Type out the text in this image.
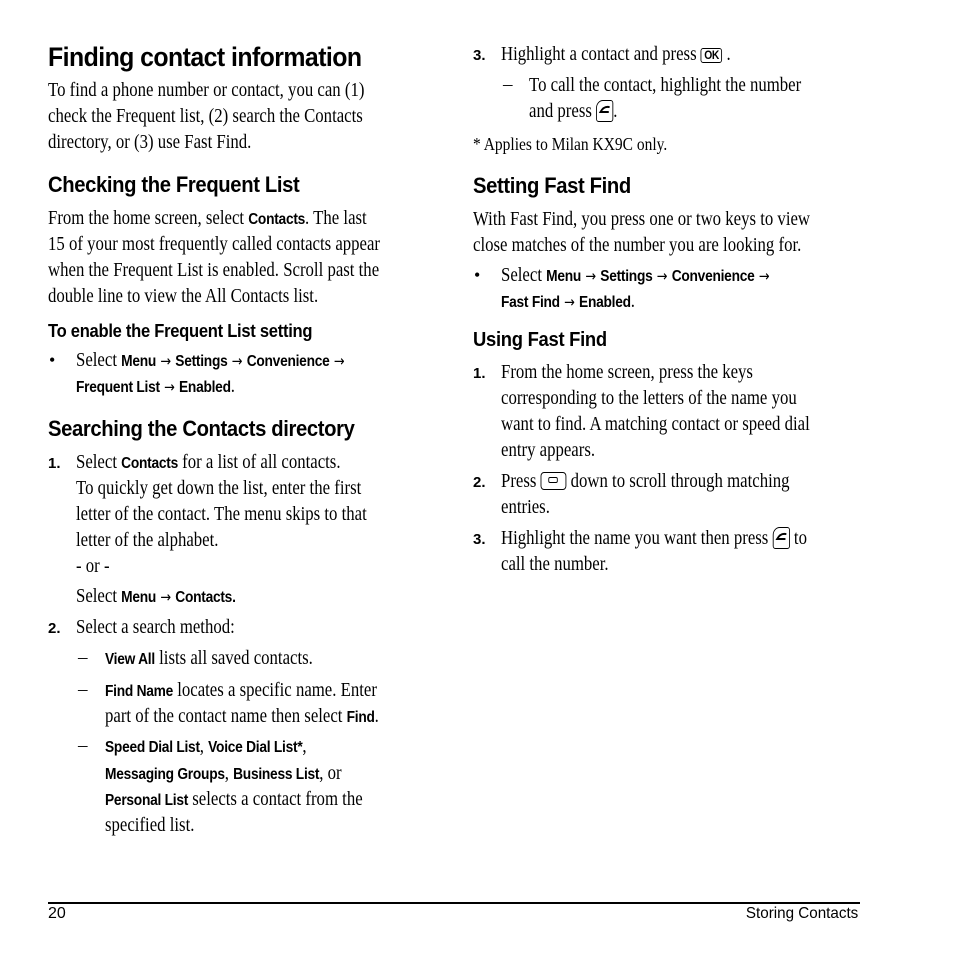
Finding contact information
To find a phone number or contact, you can (1)
check the Frequent list, (2) search the Contacts
directory, or (3) use Fast Find.
Checking the Frequent List
From the home screen, select Contacts. The last
15 of your most frequently called contacts appear
when the Frequent List is enabled. Scroll past the
double line to view the All Contacts list.
To enable the Frequent List setting
• Select Menu → Settings → Convenience →
Frequent List → Enabled.
Searching the Contacts directory
1. Select Contacts for a list of all contacts.
To quickly get down the list, enter the first
letter of the contact. The menu skips to that
letter of the alphabet.
- or -
Select Menu → Contacts.
2. Select a search method:
– View All lists all saved contacts.
– Find Name locates a specific name. Enter
part of the contact name then select Find.
– Speed Dial List, Voice Dial List*,
Messaging Groups, Business List, or
Personal List selects a contact from the
specified list.
3. Highlight a contact and press OK .
– To call the contact, highlight the number
and press
.
* Applies to Milan KX9C only.
Setting Fast Find
With Fast Find, you press one or two keys to view
close matches of the number you are looking for.
• Select Menu → Settings → Convenience →
Fast Find → Enabled.
Using Fast Find
1. From the home screen, press the keys
corresponding to the letters of the name you
want to find. A matching contact or speed dial
entry appears.
2. Press
down to scroll through matching
entries.
3. Highlight the name you want then press
to
call the number.
20	Storing Contacts
